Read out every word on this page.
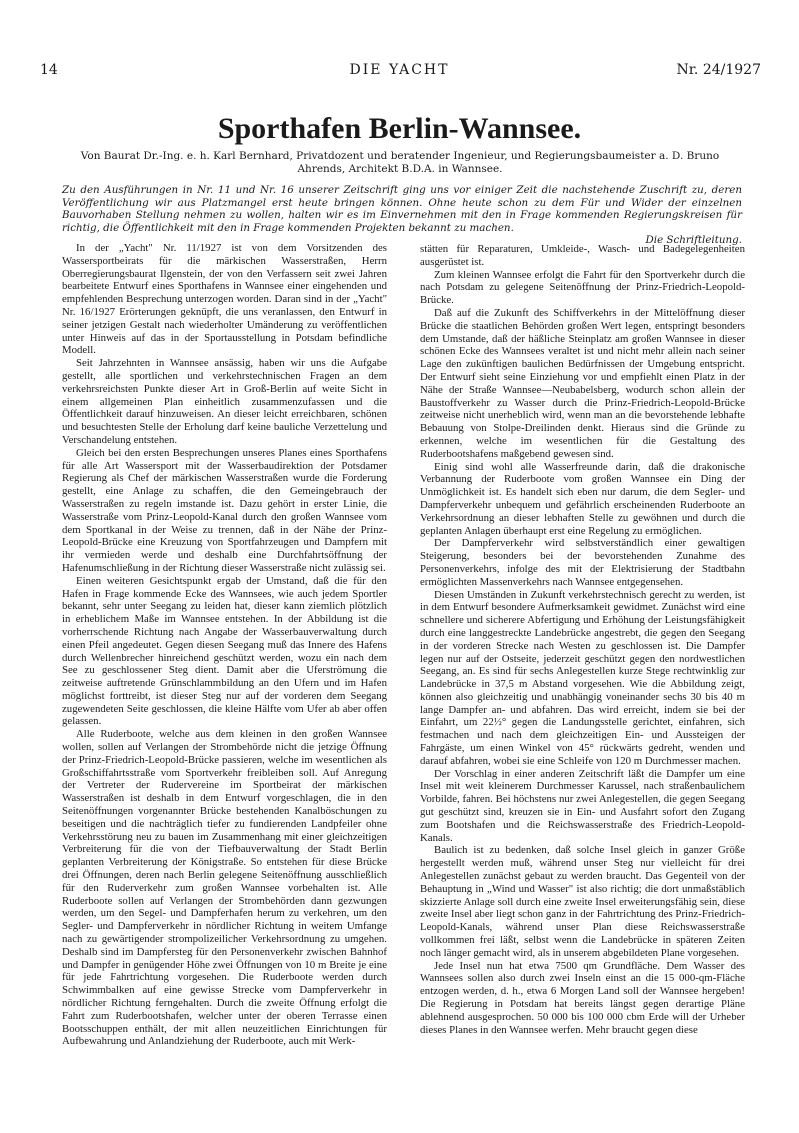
DIE YACHT
14	Nr. 24/1927
Sporthafen Berlin-Wannsee.
Von Baurat Dr.-Ing. e. h. Karl Bernhard, Privatdozent und beratender Ingenieur, und Regierungsbaumeister a. D. Bruno Ahrends, Architekt B.D.A. in Wannsee.
Zu den Ausführungen in Nr. 11 und Nr. 16 unserer Zeitschrift ging uns vor einiger Zeit die nachstehende Zuschrift zu, deren Veröffentlichung wir aus Platzmangel erst heute bringen können. Ohne heute schon zu dem Für und Wider der einzelnen Bauvorhaben Stellung nehmen zu wollen, halten wir es im Einvernehmen mit den in Frage kommenden Regierungskreisen für richtig, die Öffentlichkeit mit den in Frage kommenden Projekten bekannt zu machen.
Die Schriftleitung.

In der „Yacht" Nr. 11/1927 ist von dem Vorsitzenden des Wassersportbeirats für die märkischen Wasserstraßen, Herrn Oberregierungsbaurat Ilgenstein, der von den Verfassern seit zwei Jahren bearbeitete Entwurf eines Sporthafens in Wannsee einer eingehenden und empfehlenden Besprechung unterzogen worden. Daran sind in der „Yacht" Nr. 16/1927 Erörterungen geknüpft, die uns veranlassen, den Entwurf in seiner jetzigen Gestalt nach wiederholter Umänderung zu veröffentlichen unter Hinweis auf das in der Sportausstellung in Potsdam befindliche Modell.

Seit Jahrzehnten in Wannsee ansässig, haben wir uns die Aufgabe gestellt, alle sportlichen und verkehrstechnischen Fragen an dem verkehrsreichsten Punkte dieser Art in Groß-Berlin auf weite Sicht in einem allgemeinen Plan einheitlich zusammenzufassen und die Öffentlichkeit darauf hinzuweisen. An dieser leicht erreichbaren, schönen und besuchtesten Stelle der Erholung darf keine bauliche Verzettelung und Verschandelung entstehen.

Gleich bei den ersten Besprechungen unseres Planes eines Sporthafens für alle Art Wassersport mit der Wasserbaudirektion der Potsdamer Regierung als Chef der märkischen Wasserstraßen wurde die Forderung gestellt, eine Anlage zu schaffen, die den Gemeingebrauch der Wasserstraßen zu regeln imstande ist. Dazu gehört in erster Linie, die Wasserstraße vom Prinz-Leopold-Kanal durch den großen Wannsee vom dem Sportkanal in der Weise zu trennen, daß in der Nähe der Prinz-Leopold-Brücke eine Kreuzung von Sportfahrzeugen und Dampfern mit ihr vermieden werde und deshalb eine Durchfahrtsöffnung der Hafenumschließung in der Richtung dieser Wasserstraße nicht zulässig sei.

Einen weiteren Gesichtspunkt ergab der Umstand, daß die für den Hafen in Frage kommende Ecke des Wannsees, wie auch jedem Sportler bekannt, sehr unter Seegang zu leiden hat, dieser kann ziemlich plötzlich in erheblichem Maße im Wannsee entstehen. In der Abbildung ist die vorherrschende Richtung nach Angabe der Wasserbauverwaltung durch einen Pfeil angedeutet. Gegen diesen Seegang muß das Innere des Hafens durch Wellenbrecher hinreichend geschützt werden, wozu ein nach dem See zu geschlossener Steg dient. Damit aber die Uferströmung die zeitweise auftretende Grünschlammbildung an den Ufern und im Hafen möglichst forttreibt, ist dieser Steg nur auf der vorderen dem Seegang zugewendeten Seite geschlossen, die kleine Hälfte vom Ufer ab aber offen gelassen.

Alle Ruderboote, welche aus dem kleinen in den großen Wannsee wollen, sollen auf Verlangen der Strombehörde nicht die jetzige Öffnung der Prinz-Friedrich-Leopold-Brücke passieren, welche im wesentlichen als Großschiffahrtsstraße vom Sportverkehr freibleiben soll. Auf Anregung der Vertreter der Rudervereine im Sportbeirat der märkischen Wasserstraßen ist deshalb in dem Entwurf vorgeschlagen, die in den Seitenöffnungen vorgenannter Brücke bestehenden Kanalböschungen zu beseitigen und die nachträglich tiefer zu fundierenden Landpfeiler ohne Verkehrsstörung neu zu bauen im Zusammenhang mit einer gleichzeitigen Verbreiterung für die von der Tiefbauverwaltung der Stadt Berlin geplanten Verbreiterung der Königstraße. So entstehen für diese Brücke drei Öffnungen, deren nach Berlin gelegene Seitenöffnung ausschließlich für den Ruderverkehr zum großen Wannsee vorbehalten ist. Alle Ruderboote sollen auf Verlangen der Strombehörden dann gezwungen werden, um den Segel- und Dampferhafen herum zu verkehren, um den Segler- und Dampferverkehr in nördlicher Richtung in weitem Umfange nach zu gewärtigender strompolizeilicher Verkehrsordnung zu umgehen. Deshalb sind im Dampfersteg für den Personenverkehr zwischen Bahnhof und Dampfer in genügender Höhe zwei Öffnungen von 10 m Breite je eine für jede Fahrtrichtung vorgesehen. Die Ruderboote werden durch Schwimmbalken auf eine gewisse Strecke vom Dampferverkehr in nördlicher Richtung ferngehalten. Durch die zweite Öffnung erfolgt die Fahrt zum Ruderbootshafen, welcher unter der oberen Terrasse einen Bootsschuppen enthält, der mit allen neuzeitlichen Einrichtungen für Aufbewahrung und Anlandziehung der Ruderboote, auch mit Werk-

stätten für Reparaturen, Umkleide-, Wasch- und Badegelegenheiten ausgerüstet ist.

Zum kleinen Wannsee erfolgt die Fahrt für den Sportverkehr durch die nach Potsdam zu gelegene Seitenöffnung der Prinz-Friedrich-Leopold-Brücke.

Daß auf die Zukunft des Schiffverkehrs in der Mittelöffnung dieser Brücke die staatlichen Behörden großen Wert legen, entspringt besonders dem Umstande, daß der häßliche Steinplatz am großen Wannsee in dieser schönen Ecke des Wannsees veraltet ist und nicht mehr allein nach seiner Lage den zukünftigen baulichen Bedürfnissen der Umgebung entspricht. Der Entwurf sieht seine Einziehung vor und empfiehlt einen Platz in der Nähe der Straße Wannsee—Neubabelsberg, wodurch schon allein der Baustoffverkehr zu Wasser durch die Prinz-Friedrich-Leopold-Brücke zeitweise nicht unerheblich wird, wenn man an die bevorstehende lebhafte Bebauung von Stolpe-Dreilinden denkt. Hieraus sind die Gründe zu erkennen, welche im wesentlichen für die Gestaltung des Ruderbootshafens maßgebend gewesen sind.

Einig sind wohl alle Wasserfreunde darin, daß die drakonische Verbannung der Ruderboote vom großen Wannsee ein Ding der Unmöglichkeit ist. Es handelt sich eben nur darum, die dem Segler- und Dampferverkehr unbequem und gefährlich erscheinenden Ruderboote an Verkehrsordnung an dieser lebhaften Stelle zu gewöhnen und durch die geplanten Anlagen überhaupt erst eine Regelung zu ermöglichen.

Der Dampferverkehr wird selbstverständlich einer gewaltigen Steigerung, besonders bei der bevorstehenden Zunahme des Personenverkehrs, infolge des mit der Elektrisierung der Stadtbahn ermöglichten Massenverkehrs nach Wannsee entgegensehen.

Diesen Umständen in Zukunft verkehrstechnisch gerecht zu werden, ist in dem Entwurf besondere Aufmerksamkeit gewidmet. Zunächst wird eine schnellere und sicherere Abfertigung und Erhöhung der Leistungsfähigkeit durch eine langgestreckte Landebrücke angestrebt, die gegen den Seegang in der vorderen Strecke nach Westen zu geschlossen ist. Die Dampfer legen nur auf der Ostseite, jederzeit geschützt gegen den nordwestlichen Seegang, an. Es sind für sechs Anlegestellen kurze Stege rechtwinklig zur Landebrücke in 37,5 m Abstand vorgesehen. Wie die Abbildung zeigt, können also gleichzeitig und unabhängig voneinander sechs 30 bis 40 m lange Dampfer an- und abfahren. Das wird erreicht, indem sie bei der Einfahrt, um 22½° gegen die Landungsstelle gerichtet, einfahren, sich festmachen und nach dem gleichzeitigen Ein- und Aussteigen der Fahrgäste, um einen Winkel von 45° rückwärts gedreht, wenden und darauf abfahren, wobei sie eine Schleife von 120 m Durchmesser machen.

Der Vorschlag in einer anderen Zeitschrift läßt die Dampfer um eine Insel mit weit kleinerem Durchmesser Karussel, nach straßenbaulichem Vorbilde, fahren. Bei höchstens nur zwei Anlegestellen, die gegen Seegang gut geschützt sind, kreuzen sie in Ein- und Ausfahrt sofort den Zugang zum Bootshafen und die Reichswasserstraße des Friedrich-Leopold-Kanals.

Baulich ist zu bedenken, daß solche Insel gleich in ganzer Größe hergestellt werden muß, während unser Steg nur vielleicht für drei Anlegestellen zunächst gebaut zu werden braucht. Das Gegenteil von der Behauptung in „Wind und Wasser" ist also richtig; die dort unmaßstäblich skizzierte Anlage soll durch eine zweite Insel erweiterungsfähig sein, diese zweite Insel aber liegt schon ganz in der Fahrtrichtung des Prinz-Friedrich-Leopold-Kanals, während unser Plan diese Reichswasserstraße vollkommen frei läßt, selbst wenn die Landebrücke in späteren Zeiten noch länger gemacht wird, als in unserem abgebildeten Plane vorgesehen.

Jede Insel nun hat etwa 7500 qm Grundfläche. Dem Wasser des Wannsees sollen also durch zwei Inseln einst an die 15 000-qm-Fläche entzogen werden, d. h., etwa 6 Morgen Land soll der Wannsee hergeben! Die Regierung in Potsdam hat bereits längst gegen derartige Pläne ablehnend ausgesprochen. 50 000 bis 100 000 cbm Erde will der Urheber dieses Planes in den Wannsee werfen. Mehr braucht gegen diese
